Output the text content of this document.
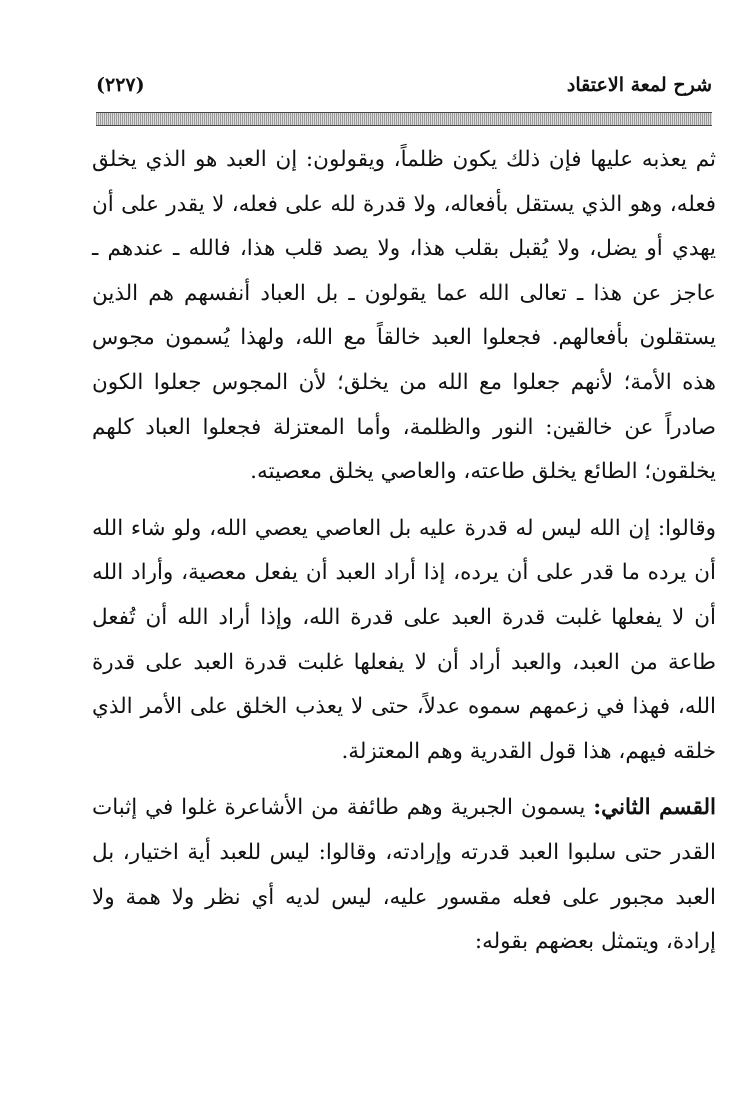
شرح لمعة الاعتقاد
(٢٢٧)

ثم يعذبه عليها فإن ذلك يكون ظلماً، ويقولون: إن العبد هو الذي يخلق فعله، وهو الذي يستقل بأفعاله، ولا قدرة لله على فعله، لا يقدر على أن يهدي أو يضل، ولا يُقبل بقلب هذا، ولا يصد قلب هذا، فالله ـ عندهم ـ عاجز عن هذا ـ تعالى الله عما يقولون ـ بل العباد أنفسهم هم الذين يستقلون بأفعالهم. فجعلوا العبد خالقاً مع الله، ولهذا يُسمون مجوس هذه الأمة؛ لأنهم جعلوا مع الله من يخلق؛ لأن المجوس جعلوا الكون صادراً عن خالقين: النور والظلمة، وأما المعتزلة فجعلوا العباد كلهم يخلقون؛ الطائع يخلق طاعته، والعاصي يخلق معصيته.

وقالوا: إن الله ليس له قدرة عليه بل العاصي يعصي الله، ولو شاء الله أن يرده ما قدر على أن يرده، إذا أراد العبد أن يفعل معصية، وأراد الله أن لا يفعلها غلبت قدرة العبد على قدرة الله، وإذا أراد الله أن تُفعل طاعة من العبد، والعبد أراد أن لا يفعلها غلبت قدرة العبد على قدرة الله، فهذا في زعمهم سموه عدلاً، حتى لا يعذب الخلق على الأمر الذي خلقه فيهم، هذا قول القدرية وهم المعتزلة.

القسم الثاني: يسمون الجبرية وهم طائفة من الأشاعرة غلوا في إثبات القدر حتى سلبوا العبد قدرته وإرادته، وقالوا: ليس للعبد أية اختيار، بل العبد مجبور على فعله مقسور عليه، ليس لديه أي نظر ولا همة ولا إرادة، ويتمثل بعضهم بقوله:
